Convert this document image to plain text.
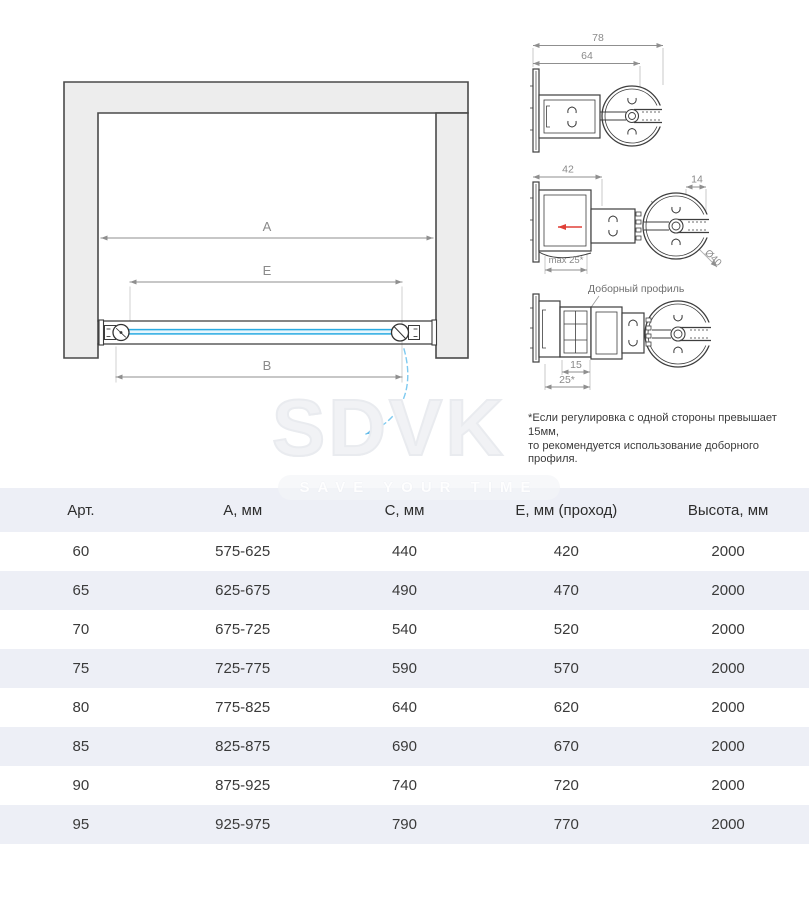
SDVK
SAVE YOUR TIME
A
E
B
78
64
42
14
max 25*	Ø40
Доборный профиль
15
25*
*Если регулировка с одной стороны превышает 15мм,
то рекомендуется использование доборного профиля.
Арт.	А, мм	С, мм	Е, мм (проход)	Высота, мм
60	575-625	440	420	2000
65	625-675	490	470	2000
70	675-725	540	520	2000
75	725-775	590	570	2000
80	775-825	640	620	2000
85	825-875	690	670	2000
90	875-925	740	720	2000
95	925-975	790	770	2000
